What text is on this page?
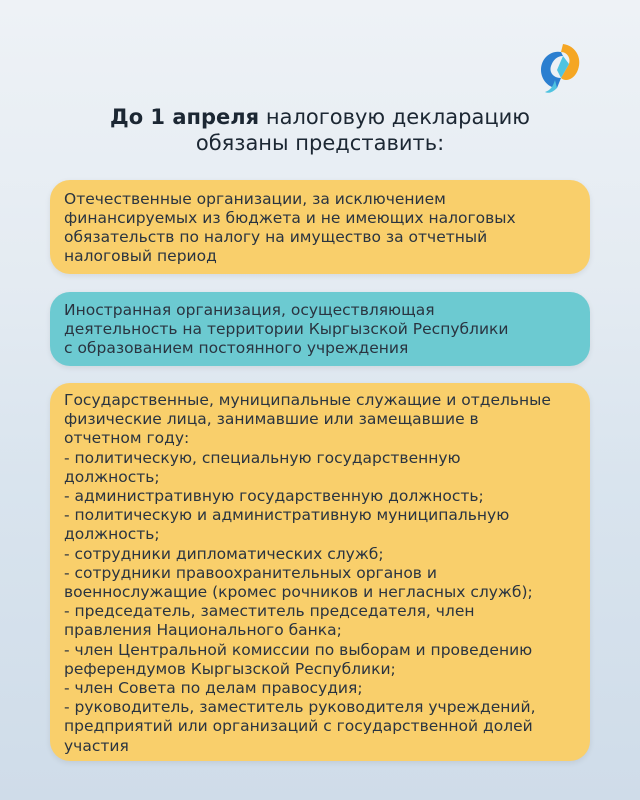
До 1 апреля налоговую декларацию
обязаны представить:
Отечественные организации, за исключением
финансируемых из бюджета и не имеющих налоговых
обязательств по налогу на имущество за отчетный
налоговый период
Иностранная организация, осуществляющая
деятельность на территории Кыргызской Республики
с образованием постоянного учреждения
Государственные, муниципальные служащие и отдельные
физические лица, занимавшие или замещавшие в
отчетном году:
- политическую, специальную государственную
должность;
- административную государственную должность;
- политическую и административную муниципальную
должность;
- сотрудники дипломатических служб;
- сотрудники правоохранительных органов и
военнослужащие (кромес рочников и негласных служб);
- председатель, заместитель председателя, член
правления Национального банка;
- член Центральной комиссии по выборам и проведению
референдумов Кыргызской Республики;
- член Совета по делам правосудия;
- руководитель, заместитель руководителя учреждений,
предприятий или организаций с государственной долей
участия
